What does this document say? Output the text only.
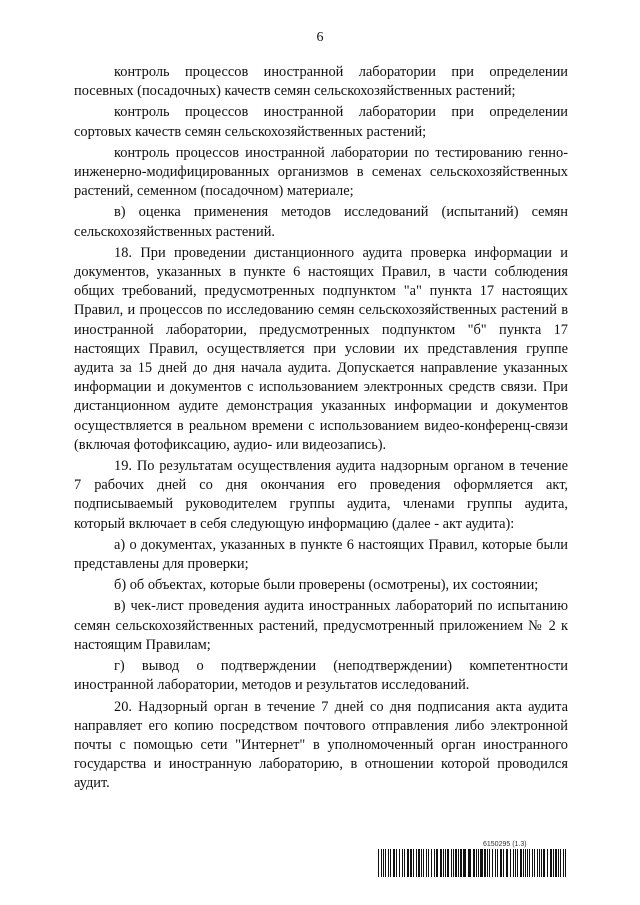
6

контроль процессов иностранной лаборатории при определении посевных (посадочных) качеств семян сельскохозяйственных растений;

контроль процессов иностранной лаборатории при определении сортовых качеств семян сельскохозяйственных растений;

контроль процессов иностранной лаборатории по тестированию генно-инженерно-модифицированных организмов в семенах сельскохозяйственных растений, семенном (посадочном) материале;

в) оценка применения методов исследований (испытаний) семян сельскохозяйственных растений.

18. При проведении дистанционного аудита проверка информации и документов, указанных в пункте 6 настоящих Правил, в части соблюдения общих требований, предусмотренных подпунктом "а" пункта 17 настоящих Правил, и процессов по исследованию семян сельскохозяйственных растений в иностранной лаборатории, предусмотренных подпунктом "б" пункта 17 настоящих Правил, осуществляется при условии их представления группе аудита за 15 дней до дня начала аудита. Допускается направление указанных информации и документов с использованием электронных средств связи. При дистанционном аудите демонстрация указанных информации и документов осуществляется в реальном времени с использованием видео-конференц-связи (включая фотофиксацию, аудио- или видеозапись).

19. По результатам осуществления аудита надзорным органом в течение 7 рабочих дней со дня окончания его проведения оформляется акт, подписываемый руководителем группы аудита, членами группы аудита, который включает в себя следующую информацию (далее - акт аудита):

а) о документах, указанных в пункте 6 настоящих Правил, которые были представлены для проверки;

б) об объектах, которые были проверены (осмотрены), их состоянии;

в) чек-лист проведения аудита иностранных лабораторий по испытанию семян сельскохозяйственных растений, предусмотренный приложением № 2 к настоящим Правилам;

г) вывод о подтверждении (неподтверждении) компетентности иностранной лаборатории, методов и результатов исследований.

20. Надзорный орган в течение 7 дней со дня подписания акта аудита направляет его копию посредством почтового отправления либо электронной почты с помощью сети "Интернет" в уполномоченный орган иностранного государства и иностранную лабораторию, в отношении которой проводился аудит.

6150295 (1.3)
